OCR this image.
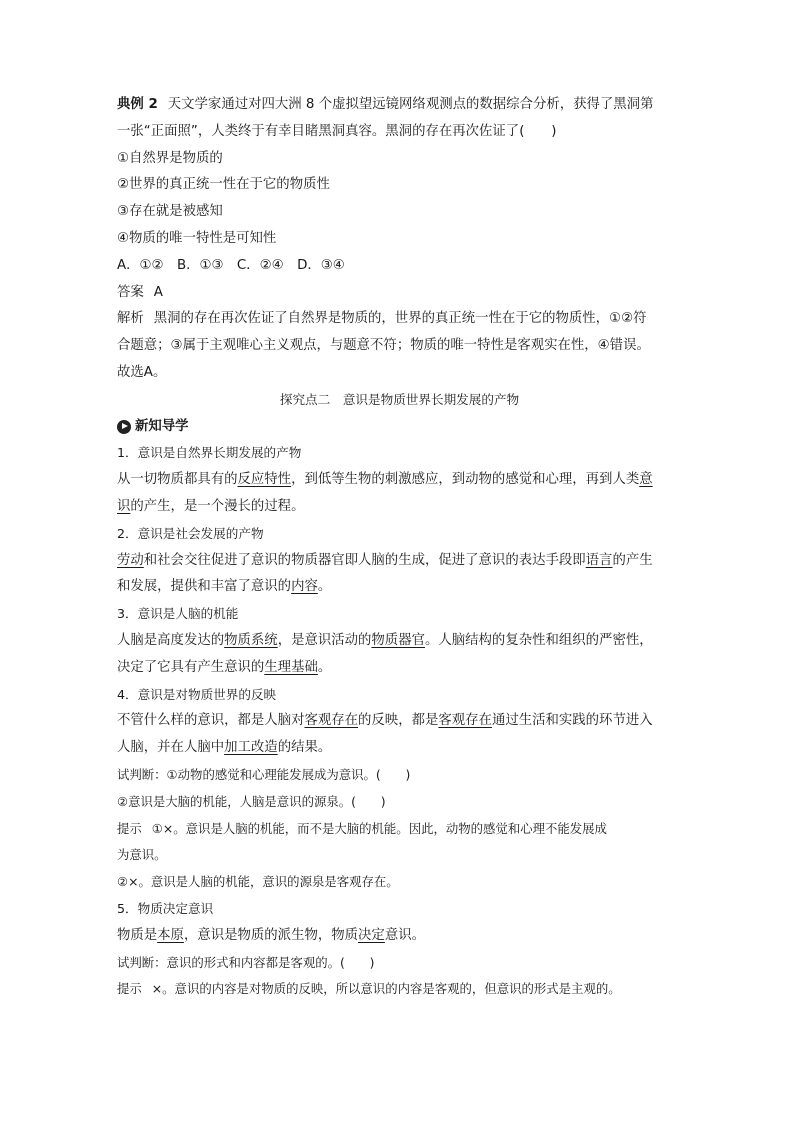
典例 2 天文学家通过对四大洲 8 个虚拟望远镜网络观测点的数据综合分析，获得了黑洞第
一张“正面照”，人类终于有幸目睹黑洞真容。黑洞的存在再次佐证了(　　)
①自然界是物质的
②世界的真正统一性在于它的物质性
③存在就是被感知
④物质的唯一特性是可知性
A．①②　B．①③　C．②④　D．③④
答案 A
解析 黑洞的存在再次佐证了自然界是物质的，世界的真正统一性在于它的物质性，①②符
合题意；③属于主观唯心主义观点，与题意不符；物质的唯一特性是客观实在性，④错误。
故选A。
探究点二　意识是物质世界长期发展的产物
新知导学
1．意识是自然界长期发展的产物
从一切物质都具有的反应特性，到低等生物的刺激感应，到动物的感觉和心理，再到人类意
识的产生，是一个漫长的过程。
2．意识是社会发展的产物
劳动和社会交往促进了意识的物质器官即人脑的生成，促进了意识的表达手段即语言的产生
和发展，提供和丰富了意识的内容。
3．意识是人脑的机能
人脑是高度发达的物质系统，是意识活动的物质器官。人脑结构的复杂性和组织的严密性，
决定了它具有产生意识的生理基础。
4．意识是对物质世界的反映
不管什么样的意识，都是人脑对客观存在的反映，都是客观存在通过生活和实践的环节进入
人脑，并在人脑中加工改造的结果。
试判断：①动物的感觉和心理能发展成为意识。(　　)
②意识是大脑的机能，人脑是意识的源泉。(　　)
提示 ①×。意识是人脑的机能，而不是大脑的机能。因此，动物的感觉和心理不能发展成
为意识。
②×。意识是人脑的机能，意识的源泉是客观存在。
5．物质决定意识
物质是本原，意识是物质的派生物，物质决定意识。
试判断：意识的形式和内容都是客观的。(　　)
提示 ×。意识的内容是对物质的反映，所以意识的内容是客观的，但意识的形式是主观的。
